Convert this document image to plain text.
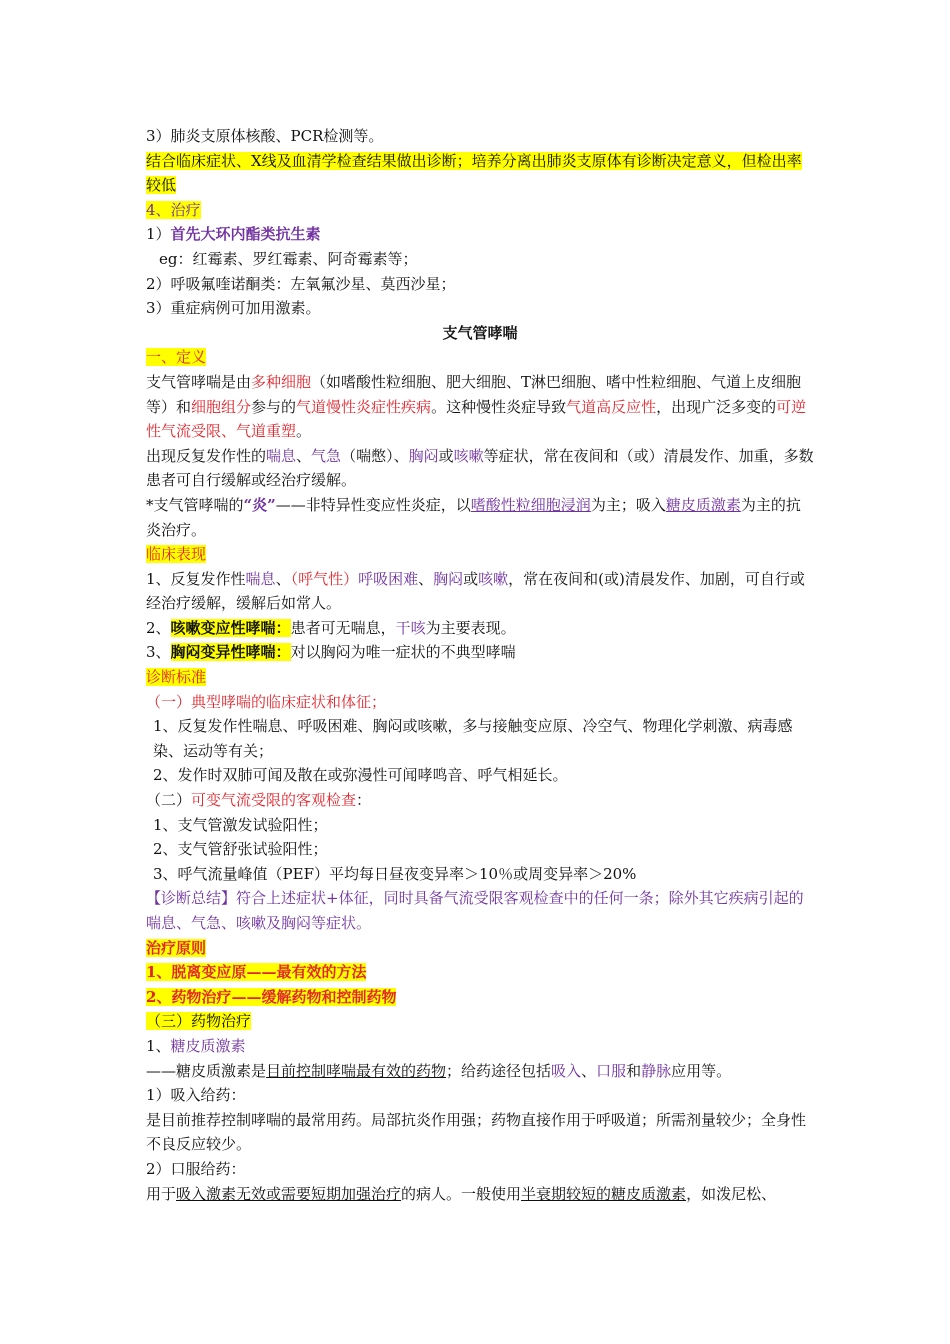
3）肺炎支原体核酸、PCR检测等。
结合临床症状、X线及血清学检查结果做出诊断；培养分离出肺炎支原体有诊断决定意义，但检出率较低
4、治疗
1）首先大环内酯类抗生素
eg：红霉素、罗红霉素、阿奇霉素等；
2）呼吸氟喹诺酮类：左氧氟沙星、莫西沙星；
3）重症病例可加用激素。
支气管哮喘
一、定义
支气管哮喘是由多种细胞（如嗜酸性粒细胞、肥大细胞、T淋巴细胞、嗜中性粒细胞、气道上皮细胞等）和细胞组分参与的气道慢性炎症性疾病。这种慢性炎症导致气道高反应性，出现广泛多变的可逆性气流受限、气道重塑。
出现反复发作性的喘息、气急（喘憋）、胸闷或咳嗽等症状，常在夜间和（或）清晨发作、加重，多数患者可自行缓解或经治疗缓解。
*支气管哮喘的“炎”——非特异性变应性炎症，以嗜酸性粒细胞浸润为主；吸入糖皮质激素为主的抗炎治疗。
临床表现
1、反复发作性喘息、（呼气性）呼吸困难、胸闷或咳嗽，常在夜间和(或)清晨发作、加剧，可自行或经治疗缓解，缓解后如常人。
2、咳嗽变应性哮喘：患者可无喘息，干咳为主要表现。
3、胸闷变异性哮喘：对以胸闷为唯一症状的不典型哮喘
诊断标准
（一）典型哮喘的临床症状和体征；
1、反复发作性喘息、呼吸困难、胸闷或咳嗽，多与接触变应原、冷空气、物理化学刺激、病毒感染、运动等有关；
2、发作时双肺可闻及散在或弥漫性可闻哮鸣音、呼气相延长。
（二）可变气流受限的客观检查：
1、支气管激发试验阳性；
2、支气管舒张试验阳性；
3、呼气流量峰值（PEF）平均每日昼夜变异率＞10％或周变异率＞20%
【诊断总结】符合上述症状+体征，同时具备气流受限客观检查中的任何一条；除外其它疾病引起的喘息、气急、咳嗽及胸闷等症状。
治疗原则
1、脱离变应原——最有效的方法
2、药物治疗——缓解药物和控制药物
（三）药物治疗
1、糖皮质激素
——糖皮质激素是目前控制哮喘最有效的药物；给药途径包括吸入、口服和静脉应用等。
1）吸入给药：
是目前推荐控制哮喘的最常用药。局部抗炎作用强；药物直接作用于呼吸道；所需剂量较少；全身性不良反应较少。
2）口服给药：
用于吸入激素无效或需要短期加强治疗的病人。一般使用半衰期较短的糖皮质激素，如泼尼松、
